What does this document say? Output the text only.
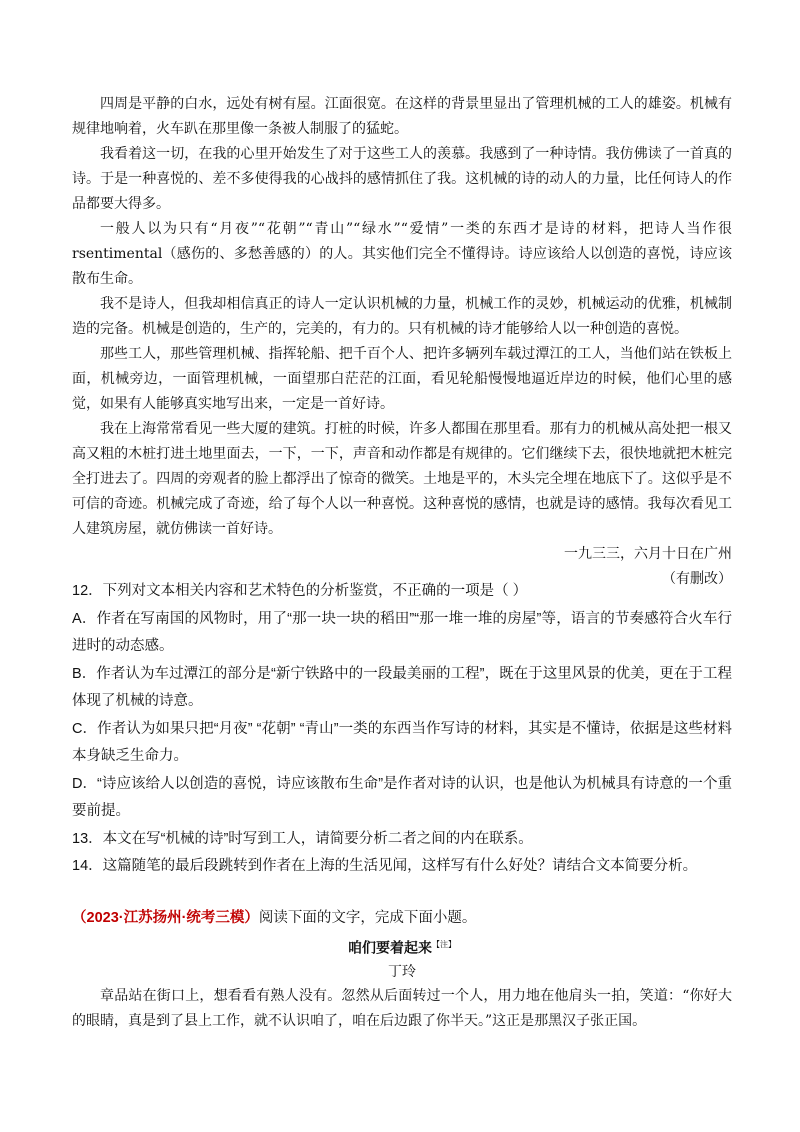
四周是平静的白水，远处有树有屋。江面很宽。在这样的背景里显出了管理机械的工人的雄姿。机械有规律地响着，火车趴在那里像一条被人制服了的猛蛇。

我看着这一切，在我的心里开始发生了对于这些工人的羡慕。我感到了一种诗情。我仿佛读了一首真的诗。于是一种喜悦的、差不多使得我的心战抖的感情抓住了我。这机械的诗的动人的力量，比任何诗人的作品都要大得多。

一般人以为只有“月夜”“花朝”“青山”“绿水”“爱情”一类的东西才是诗的材料，把诗人当作很 rsentimental（感伤的、多愁善感的）的人。其实他们完全不懂得诗。诗应该给人以创造的喜悦，诗应该散布生命。

我不是诗人，但我却相信真正的诗人一定认识机械的力量，机械工作的灵妙，机械运动的优雅，机械制造的完备。机械是创造的，生产的，完美的，有力的。只有机械的诗才能够给人以一种创造的喜悦。

那些工人，那些管理机械、指挥轮船、把千百个人、把许多辆列车载过潭江的工人，当他们站在铁板上面，机械旁边，一面管理机械，一面望那白茫茫的江面，看见轮船慢慢地逼近岸边的时候，他们心里的感觉，如果有人能够真实地写出来，一定是一首好诗。

我在上海常常看见一些大厦的建筑。打桩的时候，许多人都围在那里看。那有力的机械从高处把一根又高又粗的木桩打进土地里面去，一下，一下，声音和动作都是有规律的。它们继续下去，很快地就把木桩完全打进去了。四周的旁观者的脸上都浮出了惊奇的微笑。土地是平的，木头完全埋在地底下了。这似乎是不可信的奇迹。机械完成了奇迹，给了每个人以一种喜悦。这种喜悦的感情，也就是诗的感情。我每次看见工人建筑房屋，就仿佛读一首好诗。

一九三三，六月十日在广州

（有删改）

12．下列对文本相关内容和艺术特色的分析鉴赏，不正确的一项是（ ）

A．作者在写南国的风物时，用了“那一块一块的稻田”“那一堆一堆的房屋”等，语言的节奏感符合火车行进时的动态感。

B．作者认为车过潭江的部分是“新宁铁路中的一段最美丽的工程”，既在于这里风景的优美，更在于工程体现了机械的诗意。

C．作者认为如果只把“月夜” “花朝” “青山”一类的东西当作写诗的材料，其实是不懂诗，依据是这些材料本身缺乏生命力。

D．“诗应该给人以创造的喜悦，诗应该散布生命”是作者对诗的认识，也是他认为机械具有诗意的一个重要前提。

13．本文在写“机械的诗”时写到工人，请简要分析二者之间的内在联系。

14．这篇随笔的最后段跳转到作者在上海的生活见闻，这样写有什么好处？请结合文本简要分析。

（2023·江苏扬州·统考三模）阅读下面的文字，完成下面小题。

咱们要着起来$^{【注】}$

丁玲

章品站在街口上，想看看有熟人没有。忽然从后面转过一个人，用力地在他肩头一拍，笑道：“你好大的眼睛，真是到了县上工作，就不认识咱了，咱在后边跟了你半天。”这正是那黑汉子张正国。
